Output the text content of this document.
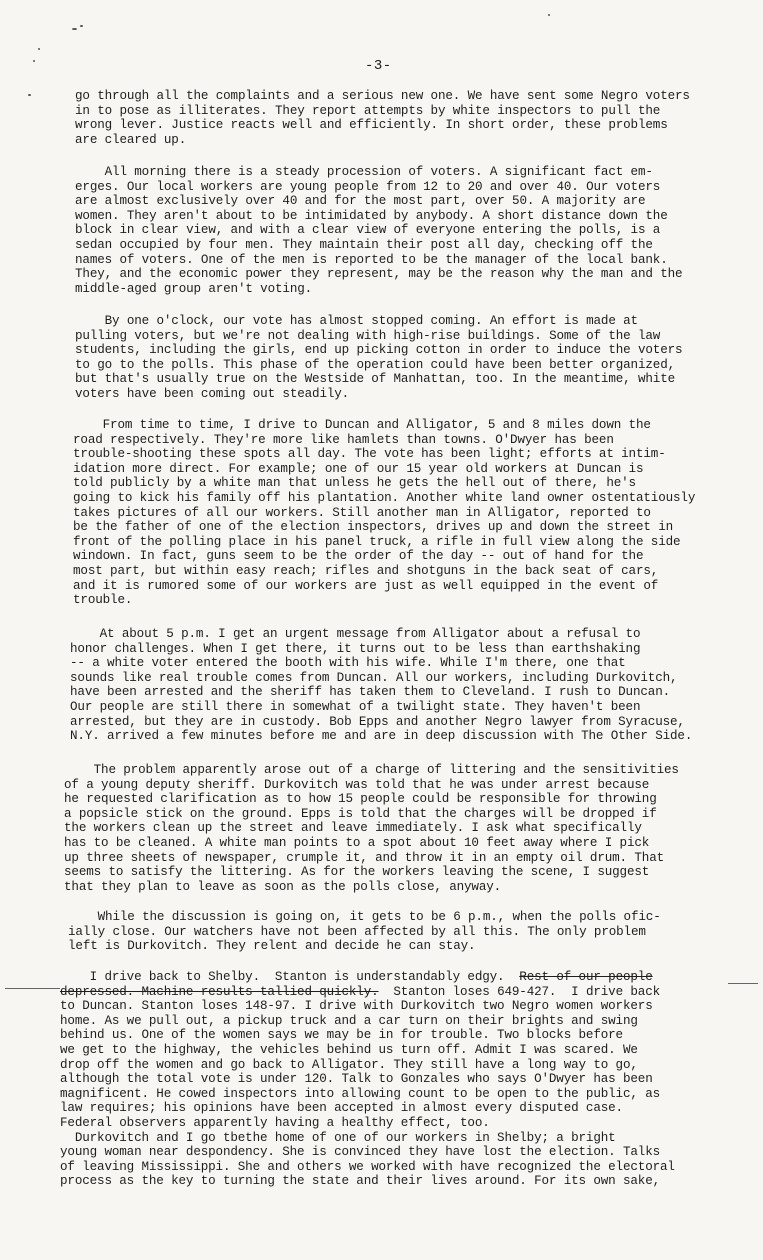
-3-
go through all the complaints and a serious new one. We have sent some Negro voters
in to pose as illiterates. They report attempts by white inspectors to pull the
wrong lever. Justice reacts well and efficiently. In short order, these problems
are cleared up.
All morning there is a steady procession of voters. A significant fact em-
erges. Our local workers are young people from 12 to 20 and over 40. Our voters
are almost exclusively over 40 and for the most part, over 50. A majority are
women. They aren't about to be intimidated by anybody. A short distance down the
block in clear view, and with a clear view of everyone entering the polls, is a
sedan occupied by four men. They maintain their post all day, checking off the
names of voters. One of the men is reported to be the manager of the local bank.
They, and the economic power they represent, may be the reason why the man and the
middle-aged group aren't voting.
By one o'clock, our vote has almost stopped coming. An effort is made at
pulling voters, but we're not dealing with high-rise buildings. Some of the law
students, including the girls, end up picking cotton in order to induce the voters
to go to the polls. This phase of the operation could have been better organized,
but that's usually true on the Westside of Manhattan, too. In the meantime, white
voters have been coming out steadily.
From time to time, I drive to Duncan and Alligator, 5 and 8 miles down the
road respectively. They're more like hamlets than towns. O'Dwyer has been
trouble-shooting these spots all day. The vote has been light; efforts at intim-
idation more direct. For example; one of our 15 year old workers at Duncan is
told publicly by a white man that unless he gets the hell out of there, he's
going to kick his family off his plantation. Another white land owner ostentatiously
takes pictures of all our workers. Still another man in Alligator, reported to
be the father of one of the election inspectors, drives up and down the street in
front of the polling place in his panel truck, a rifle in full view along the side
windown. In fact, guns seem to be the order of the day -- out of hand for the
most part, but within easy reach; rifles and shotguns in the back seat of cars,
and it is rumored some of our workers are just as well equipped in the event of
trouble.
At about 5 p.m. I get an urgent message from Alligator about a refusal to
honor challenges. When I get there, it turns out to be less than earthshaking
-- a white voter entered the booth with his wife. While I'm there, one that
sounds like real trouble comes from Duncan. All our workers, including Durkovitch,
have been arrested and the sheriff has taken them to Cleveland. I rush to Duncan.
Our people are still there in somewhat of a twilight state. They haven't been
arrested, but they are in custody. Bob Epps and another Negro lawyer from Syracuse,
N.Y. arrived a few minutes before me and are in deep discussion with The Other Side.
The problem apparently arose out of a charge of littering and the sensitivities
of a young deputy sheriff. Durkovitch was told that he was under arrest because
he requested clarification as to how 15 people could be responsible for throwing
a popsicle stick on the ground. Epps is told that the charges will be dropped if
the workers clean up the street and leave immediately. I ask what specifically
has to be cleaned. A white man points to a spot about 10 feet away where I pick
up three sheets of newspaper, crumple it, and throw it in an empty oil drum. That
seems to satisfy the littering. As for the workers leaving the scene, I suggest
that they plan to leave as soon as the polls close, anyway.
While the discussion is going on, it gets to be 6 p.m., when the polls ofic-
ially close. Our watchers have not been affected by all this. The only problem
left is Durkovitch. They relent and decide he can stay.
I drive back to Shelby.  Stanton is understandably edgy. Rest of our people
depressed. Machine results tallied quickly. Stanton loses 649-427.  I drive back
to Duncan. Stanton loses 148-97. I drive with Durkovitch two Negro women workers
home. As we pull out, a pickup truck and a car turn on their brights and swing
behind us. One of the women says we may be in for trouble. Two blocks before
we get to the highway, the vehicles behind us turn off. Admit I was scared. We
drop off the women and go back to Alligator. They still have a long way to go,
although the total vote is under 120. Talk to Gonzales who says O'Dwyer has been
magnificent. He cowed inspectors into allowing count to be open to the public, as
law requires; his opinions have been accepted in almost every disputed case.
Federal observers apparently having a healthy effect, too.
Durkovitch and I go tbethe home of one of our workers in Shelby; a bright
young woman near despondency. She is convinced they have lost the election. Talks
of leaving Mississippi. She and others we worked with have recognized the electoral
process as the key to turning the state and their lives around. For its own sake,
